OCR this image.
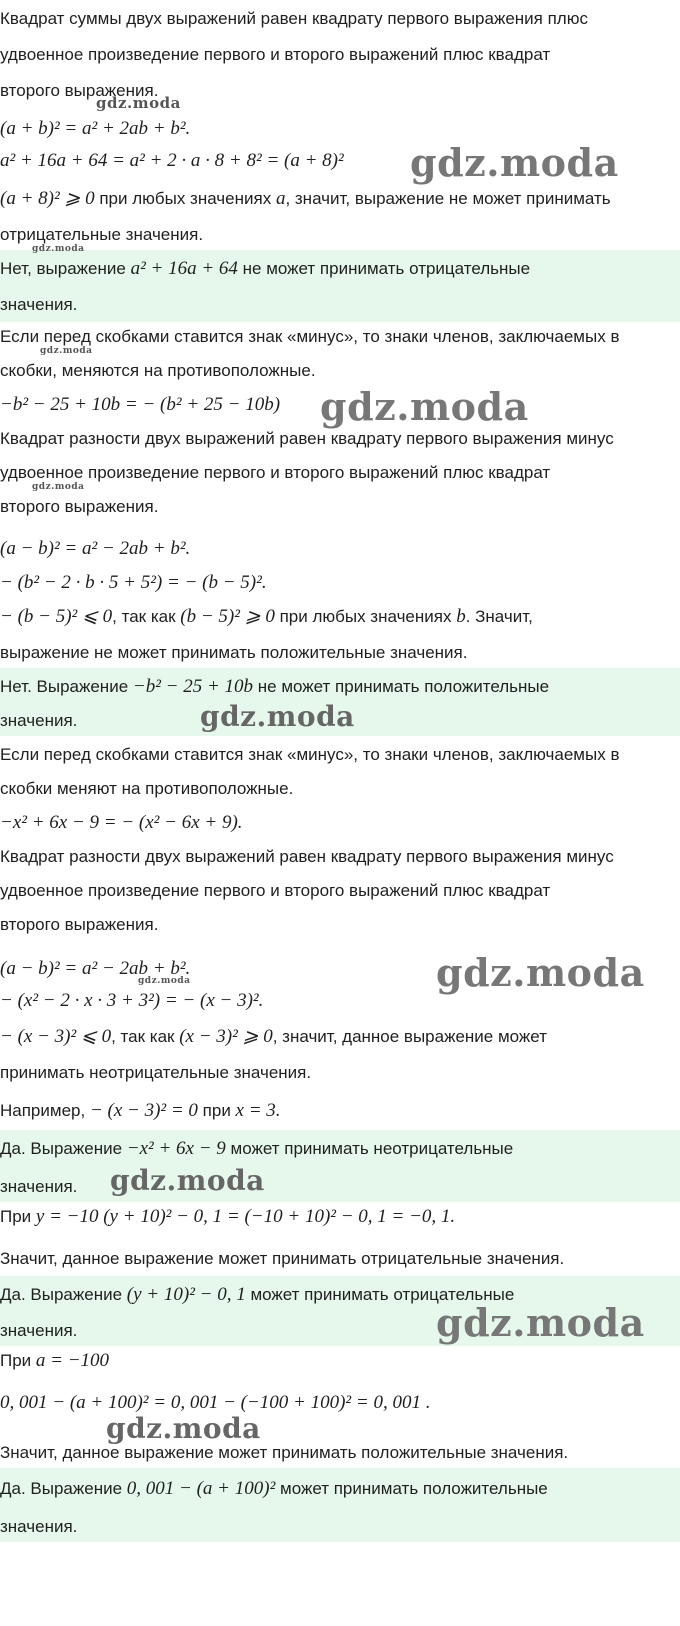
Квадрат суммы двух выражений равен квадрату первого выражения плюс
удвоенное произведение первого и второго выражений плюс квадрат
второго выражения.
gdz.moda
(a + b)² = a² + 2ab + b².
a² + 16a + 64 = a² + 2 · a · 8 + 8² = (a + 8)²	gdz.moda
(a + 8)² ⩾ 0 при любых значениях a, значит, выражение не может принимать
отрицательные значения.
gdz.moda
Нет, выражение a² + 16a + 64 не может принимать отрицательные
значения.
Если перед скобками ставится знак «минус», то знаки членов, заключаемых в
gdz.moda
скобки, меняются на противоположные.
−b² − 25 + 10b = − (b² + 25 − 10b)	gdz.moda
Квадрат разности двух выражений равен квадрату первого выражения минус
удвоенное произведение первого и второго выражений плюс квадрат
gdz.moda
второго выражения.
(a − b)² = a² − 2ab + b².
− (b² − 2 · b · 5 + 5²) = − (b − 5)².
− (b − 5)² ⩽ 0, так как (b − 5)² ⩾ 0 при любых значениях b. Значит,
выражение не может принимать положительные значения.
Нет. Выражение −b² − 25 + 10b не может принимать положительные
значения.	gdz.moda
Если перед скобками ставится знак «минус», то знаки членов, заключаемых в
скобки меняют на противоположные.
−x² + 6x − 9 = − (x² − 6x + 9).
Квадрат разности двух выражений равен квадрату первого выражения минус
удвоенное произведение первого и второго выражений плюс квадрат
второго выражения.
(a − b)² = a² − 2ab + b².
gdz.moda	gdz.moda
− (x² − 2 · x · 3 + 3²) = − (x − 3)².
− (x − 3)² ⩽ 0, так как (x − 3)² ⩾ 0, значит, данное выражение может
принимать неотрицательные значения.
Например, − (x − 3)² = 0 при x = 3.
Да. Выражение −x² + 6x − 9 может принимать неотрицательные
значения.	gdz.moda
При y = −10 (y + 10)² − 0, 1 = (−10 + 10)² − 0, 1 = −0, 1.
Значит, данное выражение может принимать отрицательные значения.
Да. Выражение (y + 10)² − 0, 1 может принимать отрицательные
значения.	gdz.moda
При a = −100
0, 001 − (a + 100)² = 0, 001 − (−100 + 100)² = 0, 001 .
gdz.moda
Значит, данное выражение может принимать положительные значения.
Да. Выражение 0, 001 − (a + 100)² может принимать положительные
значения.
